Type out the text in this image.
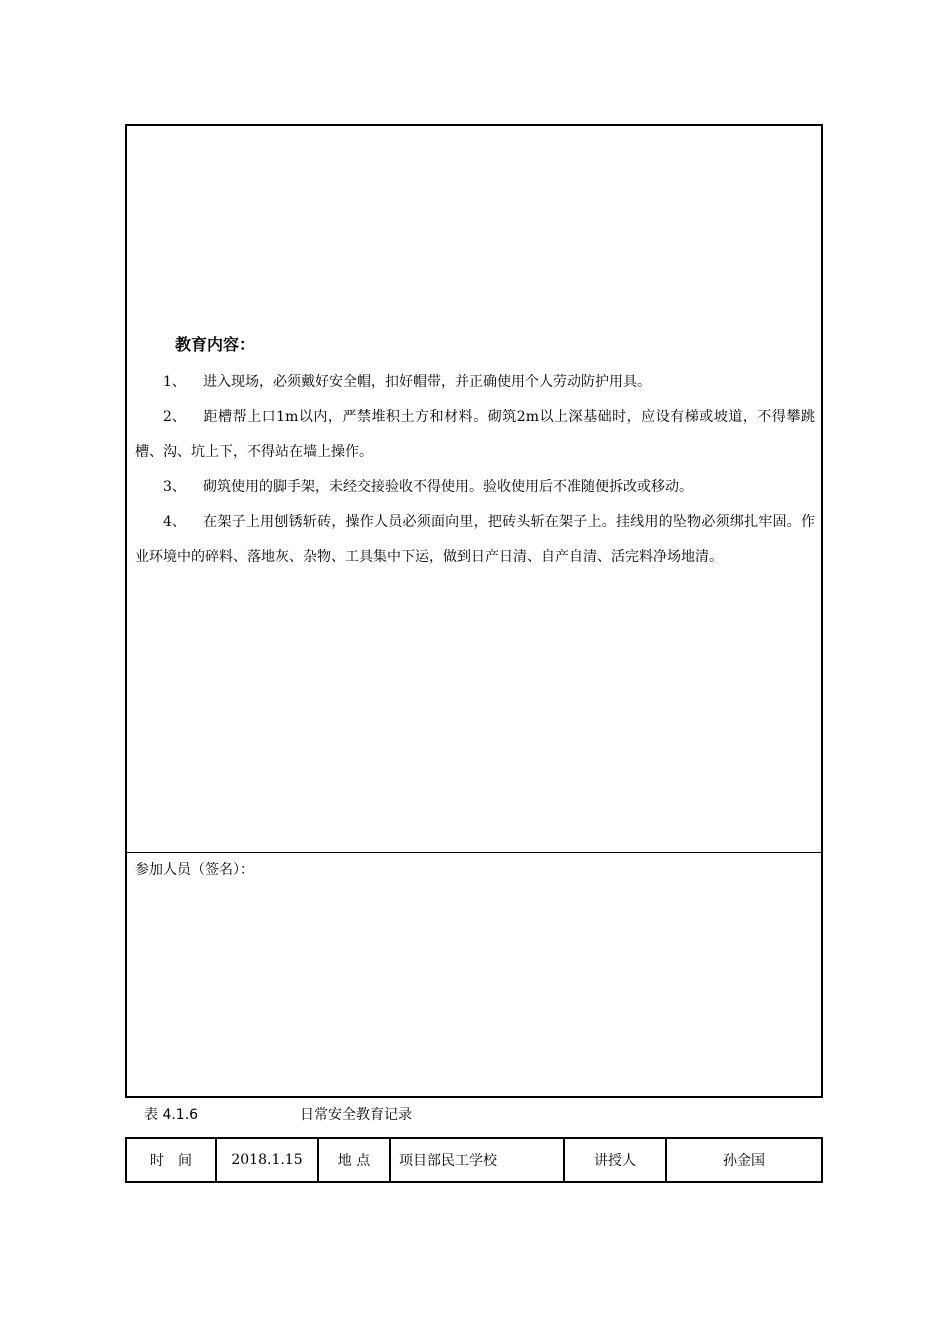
教育内容：

1、 进入现场，必须戴好安全帽，扣好帽带，并正确使用个人劳动防护用具。

2、 距槽帮上口1m以内，严禁堆积土方和材料。砌筑2m以上深基础时，应设有梯或坡道，不得攀跳槽、沟、坑上下，不得站在墙上操作。

3、 砌筑使用的脚手架，未经交接验收不得使用。验收使用后不准随便拆改或移动。

4、 在架子上用刨锈斩砖，操作人员必须面向里，把砖头斩在架子上。挂线用的坠物必须绑扎牢固。作业环境中的碎料、落地灰、杂物、工具集中下运，做到日产日清、自产自清、活完料净场地清。

参加人员（签名）：
表 4.1.6	日常安全教育记录
时　间	2018.1.15	地 点	项目部民工学校	讲授人	孙金国
